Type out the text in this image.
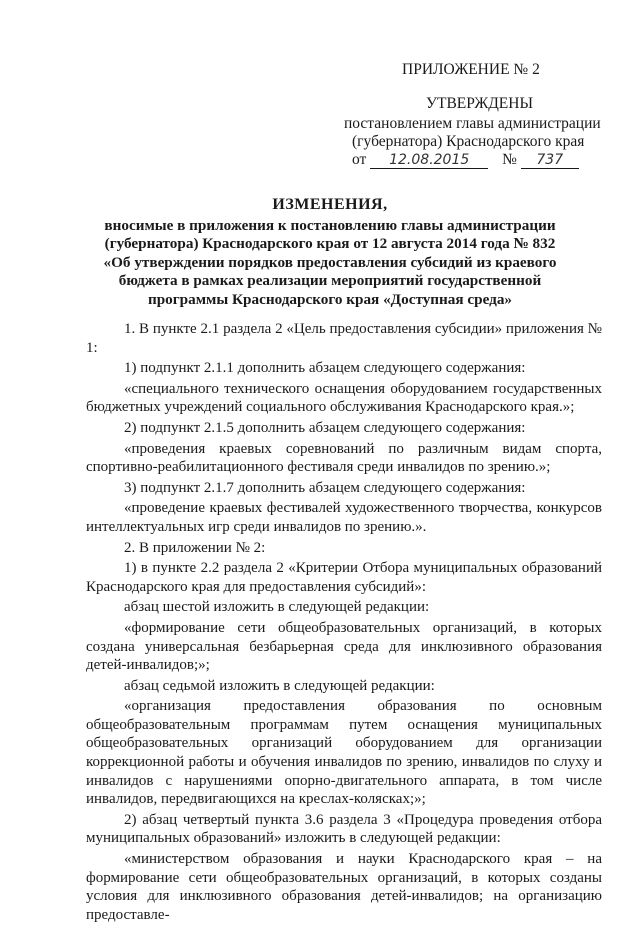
ПРИЛОЖЕНИЕ № 2
УТВЕРЖДЕНЫ
постановлением главы администрации
(губернатора) Краснодарского края
от 12.08.2015 № 737
ИЗМЕНЕНИЯ,

вносимые в приложения к постановлению главы администрации

(губернатора) Краснодарского края от 12 августа 2014 года № 832

«Об утверждении порядков предоставления субсидий из краевого

бюджета в рамках реализации мероприятий государственной

программы Краснодарского края «Доступная среда»

1. В пункте 2.1 раздела 2 «Цель предоставления субсидии» приложения № 1:

1) подпункт 2.1.1 дополнить абзацем следующего содержания:

«специального технического оснащения оборудованием государственных бюджетных учреждений социального обслуживания Краснодарского края.»;

2) подпункт 2.1.5 дополнить абзацем следующего содержания:

«проведения краевых соревнований по различным видам спорта, спортивно-реабилитационного фестиваля среди инвалидов по зрению.»;

3) подпункт 2.1.7 дополнить абзацем следующего содержания:

«проведение краевых фестивалей художественного творчества, конкурсов интеллектуальных игр среди инвалидов по зрению.».

2. В приложении № 2:

1) в пункте 2.2 раздела 2 «Критерии Отбора муниципальных образований Краснодарского края для предоставления субсидий»:

абзац шестой изложить в следующей редакции:

«формирование сети общеобразовательных организаций, в которых создана универсальная безбарьерная среда для инклюзивного образования детей-инвалидов;»;

абзац седьмой изложить в следующей редакции:

«организация предоставления образования по основным общеобразовательным программам путем оснащения муниципальных общеобразовательных организаций оборудованием для организации коррекционной работы и обучения инвалидов по зрению, инвалидов по слуху и инвалидов с нарушениями опорно-двигательного аппарата, в том числе инвалидов, передвигающихся на креслах-колясках;»;

2) абзац четвертый пункта 3.6 раздела 3 «Процедура проведения отбора муниципальных образований» изложить в следующей редакции:

«министерством образования и науки Краснодарского края – на формирование сети общеобразовательных организаций, в которых созданы условия для инклюзивного образования детей-инвалидов; на организацию предоставле-
